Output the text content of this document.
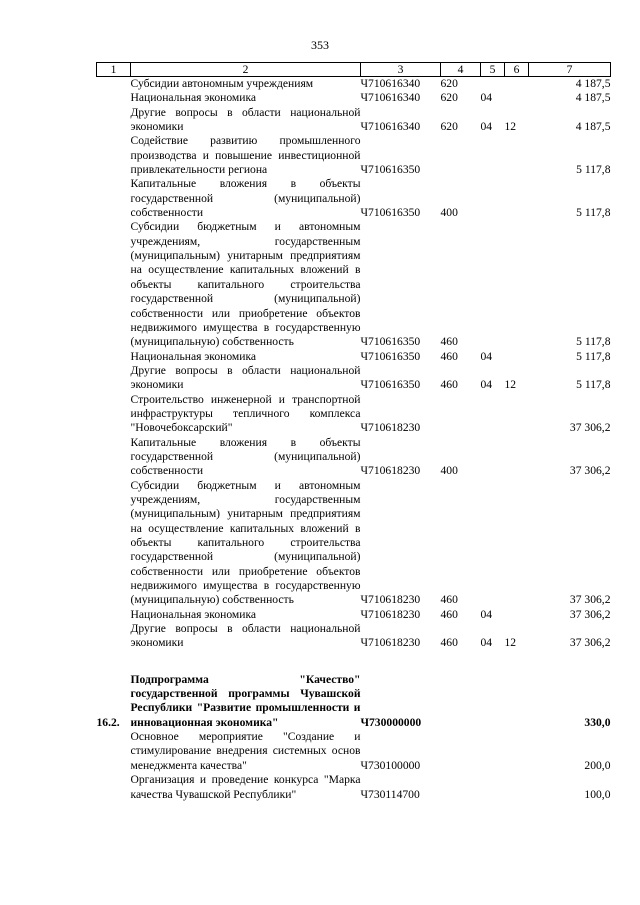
353
1	2	3	4	5	6	7
	Субсидии автономным учреждениям	Ч710616340	620			4 187,5
	Национальная экономика	Ч710616340	620	04		4 187,5
	Другие вопросы в области национальной экономики	Ч710616340	620	04	12	4 187,5
	Содействие развитию промышленного производства и повышение инвестиционной привлекательности региона	Ч710616350				5 117,8
	Капитальные вложения в объекты государственной (муниципальной) собственности	Ч710616350	400			5 117,8
	Субсидии бюджетным и автономным учреждениям, государственным (муниципальным) унитарным предприятиям на осуществление капитальных вложений в объекты капитального строительства государственной (муниципальной) собственности или приобретение объектов недвижимого имущества в государственную (муниципальную) собственность	Ч710616350	460			5 117,8
	Национальная экономика	Ч710616350	460	04		5 117,8
	Другие вопросы в области национальной экономики	Ч710616350	460	04	12	5 117,8
	Строительство инженерной и транспортной инфраструктуры тепличного комплекса "Новочебоксарский"	Ч710618230				37 306,2
	Капитальные вложения в объекты государственной (муниципальной) собственности	Ч710618230	400			37 306,2
	Субсидии бюджетным и автономным учреждениям, государственным (муниципальным) унитарным предприятиям на осуществление капитальных вложений в объекты капитального строительства государственной (муниципальной) собственности или приобретение объектов недвижимого имущества в государственную (муниципальную) собственность	Ч710618230	460			37 306,2
	Национальная экономика	Ч710618230	460	04		37 306,2
	Другие вопросы в области национальной экономики	Ч710618230	460	04	12	37 306,2

16.2.	Подпрограмма "Качество" государственной программы Чувашской Республики "Развитие промышленности и инновационная экономика"	Ч730000000				330,0
	Основное мероприятие "Создание и стимулирование внедрения системных основ менеджмента качества"	Ч730100000				200,0
	Организация и проведение конкурса "Марка качества Чувашской Республики"	Ч730114700				100,0
